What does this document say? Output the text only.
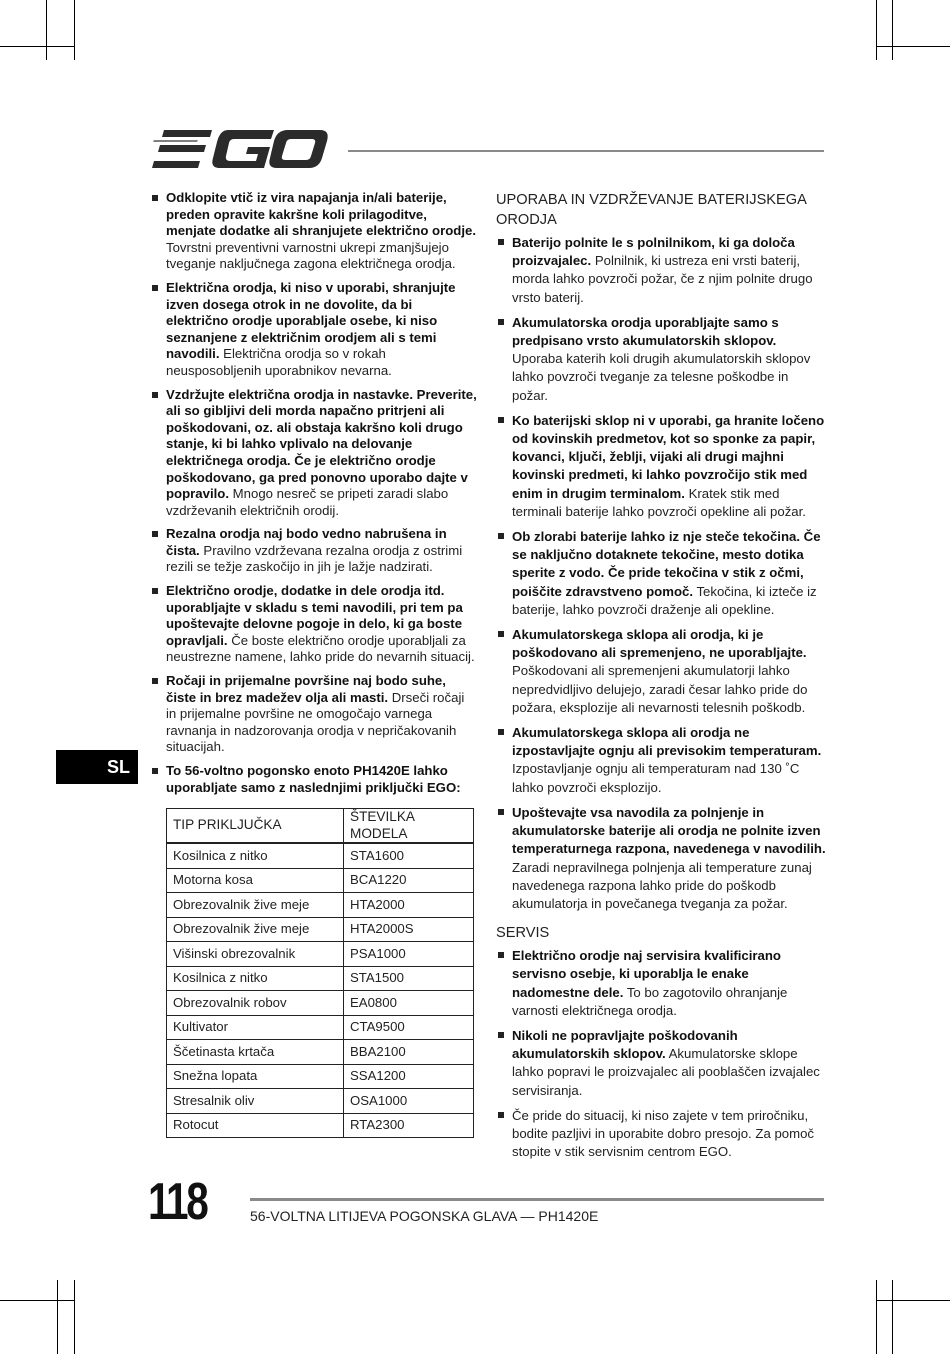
Odklopite vtič iz vira napajanja in/ali baterije, preden opravite kakršne koli prilagoditve, menjate dodatke ali shranjujete električno orodje. Tovrstni preventivni varnostni ukrepi zmanjšujejo tveganje nakljuc̆nega zagona električnega orodja.
Električna orodja, ki niso v uporabi, shranjujte izven dosega otrok in ne dovolite, da bi električno orodje uporabljale osebe, ki niso seznanjene z električnim orodjem ali s temi navodili. Električna orodja so v rokah neusposobljenih uporabnikov nevarna.
Vzdržujte električna orodja in nastavke. Preverite, ali so gibljivi deli morda napačno pritrjeni ali poškodovani, oz. ali obstaja kakršno koli drugo stanje, ki bi lahko vplivalo na delovanje električnega orodja. Če je električno orodje poškodovano, ga pred ponovno uporabo dajte v popravilo. Mnogo nesreč se pripeti zaradi slabo vzdrževanih električnih orodij.
Rezalna orodja naj bodo vedno nabrušena in čista. Pravilno vzdrževana rezalna orodja z ostrimi rezili se težje zaskočijo in jih je lažje nadzirati.
Električno orodje, dodatke in dele orodja itd. uporabljajte v skladu s temi navodili, pri tem pa upoštevajte delovne pogoje in delo, ki ga boste opravljali. Če boste električno orodje uporabljali za neustrezne namene, lahko pride do nevarnih situacij.
Ročaji in prijemalne površine naj bodo suhe, čiste in brez madežev olja ali masti. Drseči ročaji in prijemalne površine ne omogočajo varnega ravnanja in nadzorovanja orodja v nepričakovanih situacijah.
To 56-voltno pogonsko enoto PH1420E lahko uporabljate samo z naslednjimi priključki EGO:
TIP PRIKLJUČKA	ŠTEVILKA MODELA
Kosilnica z nitko	STA1600
Motorna kosa	BCA1220
Obrezovalnik žive meje	HTA2000
Obrezovalnik žive meje	HTA2000S
Višinski obrezovalnik	PSA1000
Kosilnica z nitko	STA1500
Obrezovalnik robov	EA0800
Kultivator	CTA9500
Ščetinasta krtača	BBA2100
Snežna lopata	SSA1200
Stresalnik oliv	OSA1000
Rotocut	RTA2300
UPORABA IN VZDRŽEVANJE BATERIJSKEGA ORODJA
Baterijo polnite le s polnilnikom, ki ga določa proizvajalec. Polnilnik, ki ustreza eni vrsti baterij, morda lahko povzroči požar, če z njim polnite drugo vrsto baterij.
Akumulatorska orodja uporabljajte samo s predpisano vrsto akumulatorskih sklopov. Uporaba katerih koli drugih akumulatorskih sklopov lahko povzroči tveganje za telesne poškodbe in požar.
Ko baterijski sklop ni v uporabi, ga hranite ločeno od kovinskih predmetov, kot so sponke za papir, kovanci, ključi, žeblji, vijaki ali drugi majhni kovinski predmeti, ki lahko povzročijo stik med enim in drugim terminalom. Kratek stik med terminali baterije lahko povzroči opekline ali požar.
Ob zlorabi baterije lahko iz nje steče tekočina. Če se naključno dotaknete tekočine, mesto dotika sperite z vodo. Če pride tekočina v stik z očmi, poiščite zdravstveno pomoč. Tekočina, ki izteče iz baterije, lahko povzroči draženje ali opekline.
Akumulatorskega sklopa ali orodja, ki je poškodovano ali spremenjeno, ne uporabljajte. Poškodovani ali spremenjeni akumulatorji lahko nepredvidljivo delujejo, zaradi česar lahko pride do požara, eksplozije ali nevarnosti telesnih poškodb.
Akumulatorskega sklopa ali orodja ne izpostavljajte ognju ali previsokim temperaturam. Izpostavljanje ognju ali temperaturam nad 130 ˚C lahko povzroči eksplozijo.
Upoštevajte vsa navodila za polnjenje in akumulatorske baterije ali orodja ne polnite izven temperaturnega razpona, navedenega v navodilih. Zaradi nepravilnega polnjenja ali temperature zunaj navedenega razpona lahko pride do poškodb akumulatorja in povečanega tveganja za požar.
SERVIS
Električno orodje naj servisira kvalificirano servisno osebje, ki uporablja le enake nadomestne dele. To bo zagotovilo ohranjanje varnosti električnega orodja.
Nikoli ne popravljajte poškodovanih akumulatorskih sklopov. Akumulatorske sklope lahko popravi le proizvajalec ali pooblaščen izvajalec servisiranja.
Če pride do situacij, ki niso zajete v tem priročniku, bodite pazljivi in uporabite dobro presojo. Za pomoč stopite v stik servisnim centrom EGO.
SL
118	56-VOLTNA LITIJEVA POGONSKA GLAVA — PH1420E
